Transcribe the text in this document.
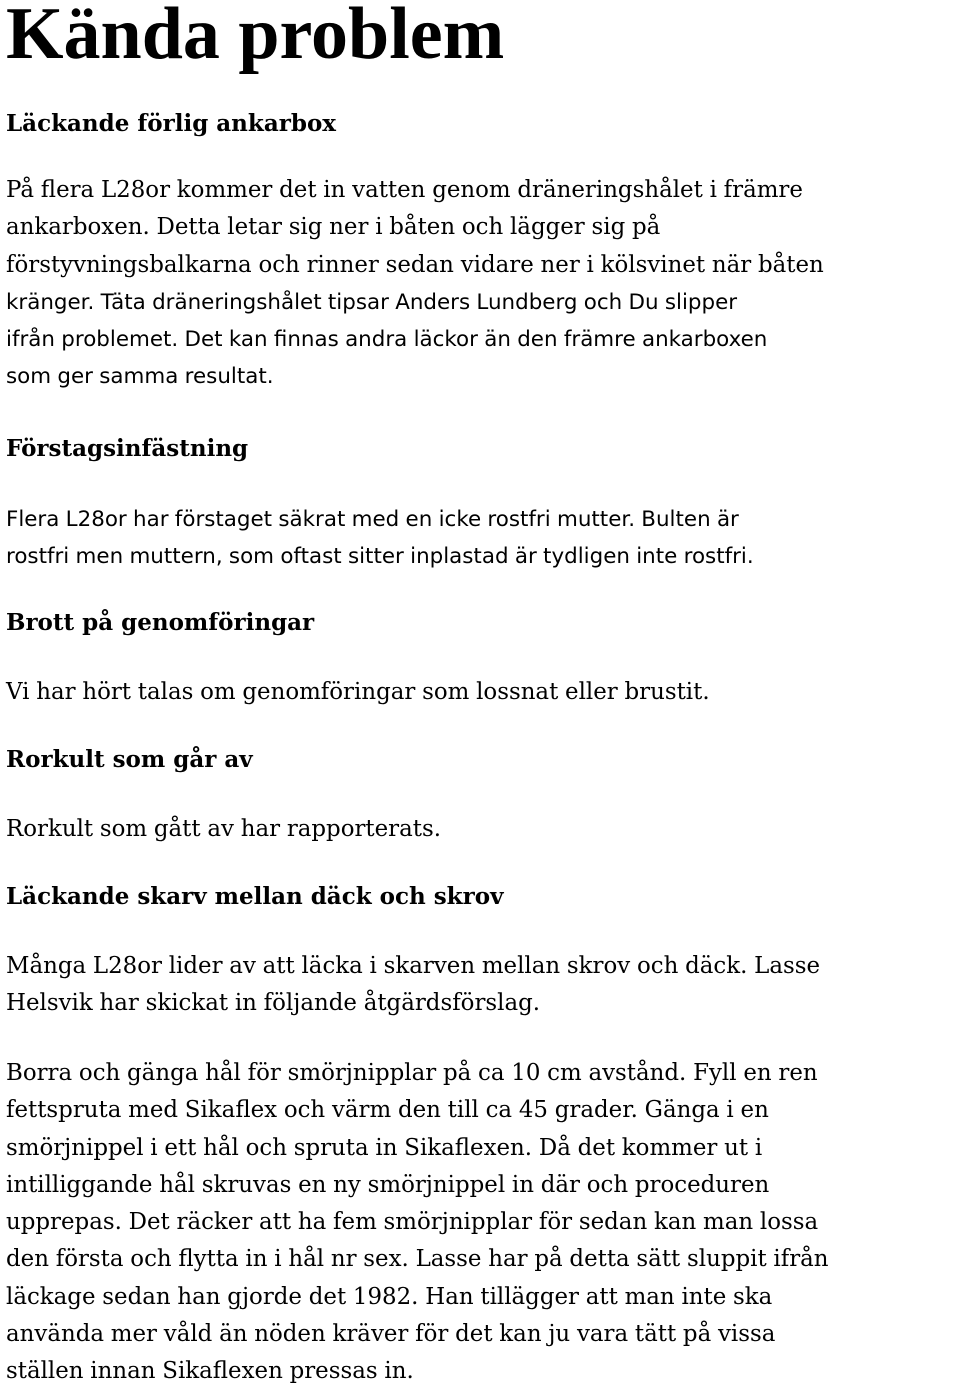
Kända problem
Läckande förlig ankarbox
På flera L28or kommer det in vatten genom dräneringshålet i främre
ankarboxen. Detta letar sig ner i båten och lägger sig på
förstyvningsbalkarna och rinner sedan vidare ner i kölsvinet när båten
kränger. Täta dräneringshålet tipsar Anders Lundberg och Du slipper
ifrån problemet. Det kan finnas andra läckor än den främre ankarboxen
som ger samma resultat.
Förstagsinfästning
Flera L28or har förstaget säkrat med en icke rostfri mutter. Bulten är
rostfri men muttern, som oftast sitter inplastad är tydligen inte rostfri.
Brott på genomföringar
Vi har hört talas om genomföringar som lossnat eller brustit.
Rorkult som går av
Rorkult som gått av har rapporterats.
Läckande skarv mellan däck och skrov
Många L28or lider av att läcka i skarven mellan skrov och däck. Lasse
Helsvik har skickat in följande åtgärdsförslag.
Borra och gänga hål för smörjnipplar på ca 10 cm avstånd. Fyll en ren
fettspruta med Sikaflex och värm den till ca 45 grader. Gänga i en
smörjnippel i ett hål och spruta in Sikaflexen. Då det kommer ut i
intilliggande hål skruvas en ny smörjnippel in där och proceduren
upprepas. Det räcker att ha fem smörjnipplar för sedan kan man lossa
den första och flytta in i hål nr sex. Lasse har på detta sätt sluppit ifrån
läckage sedan han gjorde det 1982. Han tillägger att man inte ska
använda mer våld än nöden kräver för det kan ju vara tätt på vissa
ställen innan Sikaflexen pressas in.
